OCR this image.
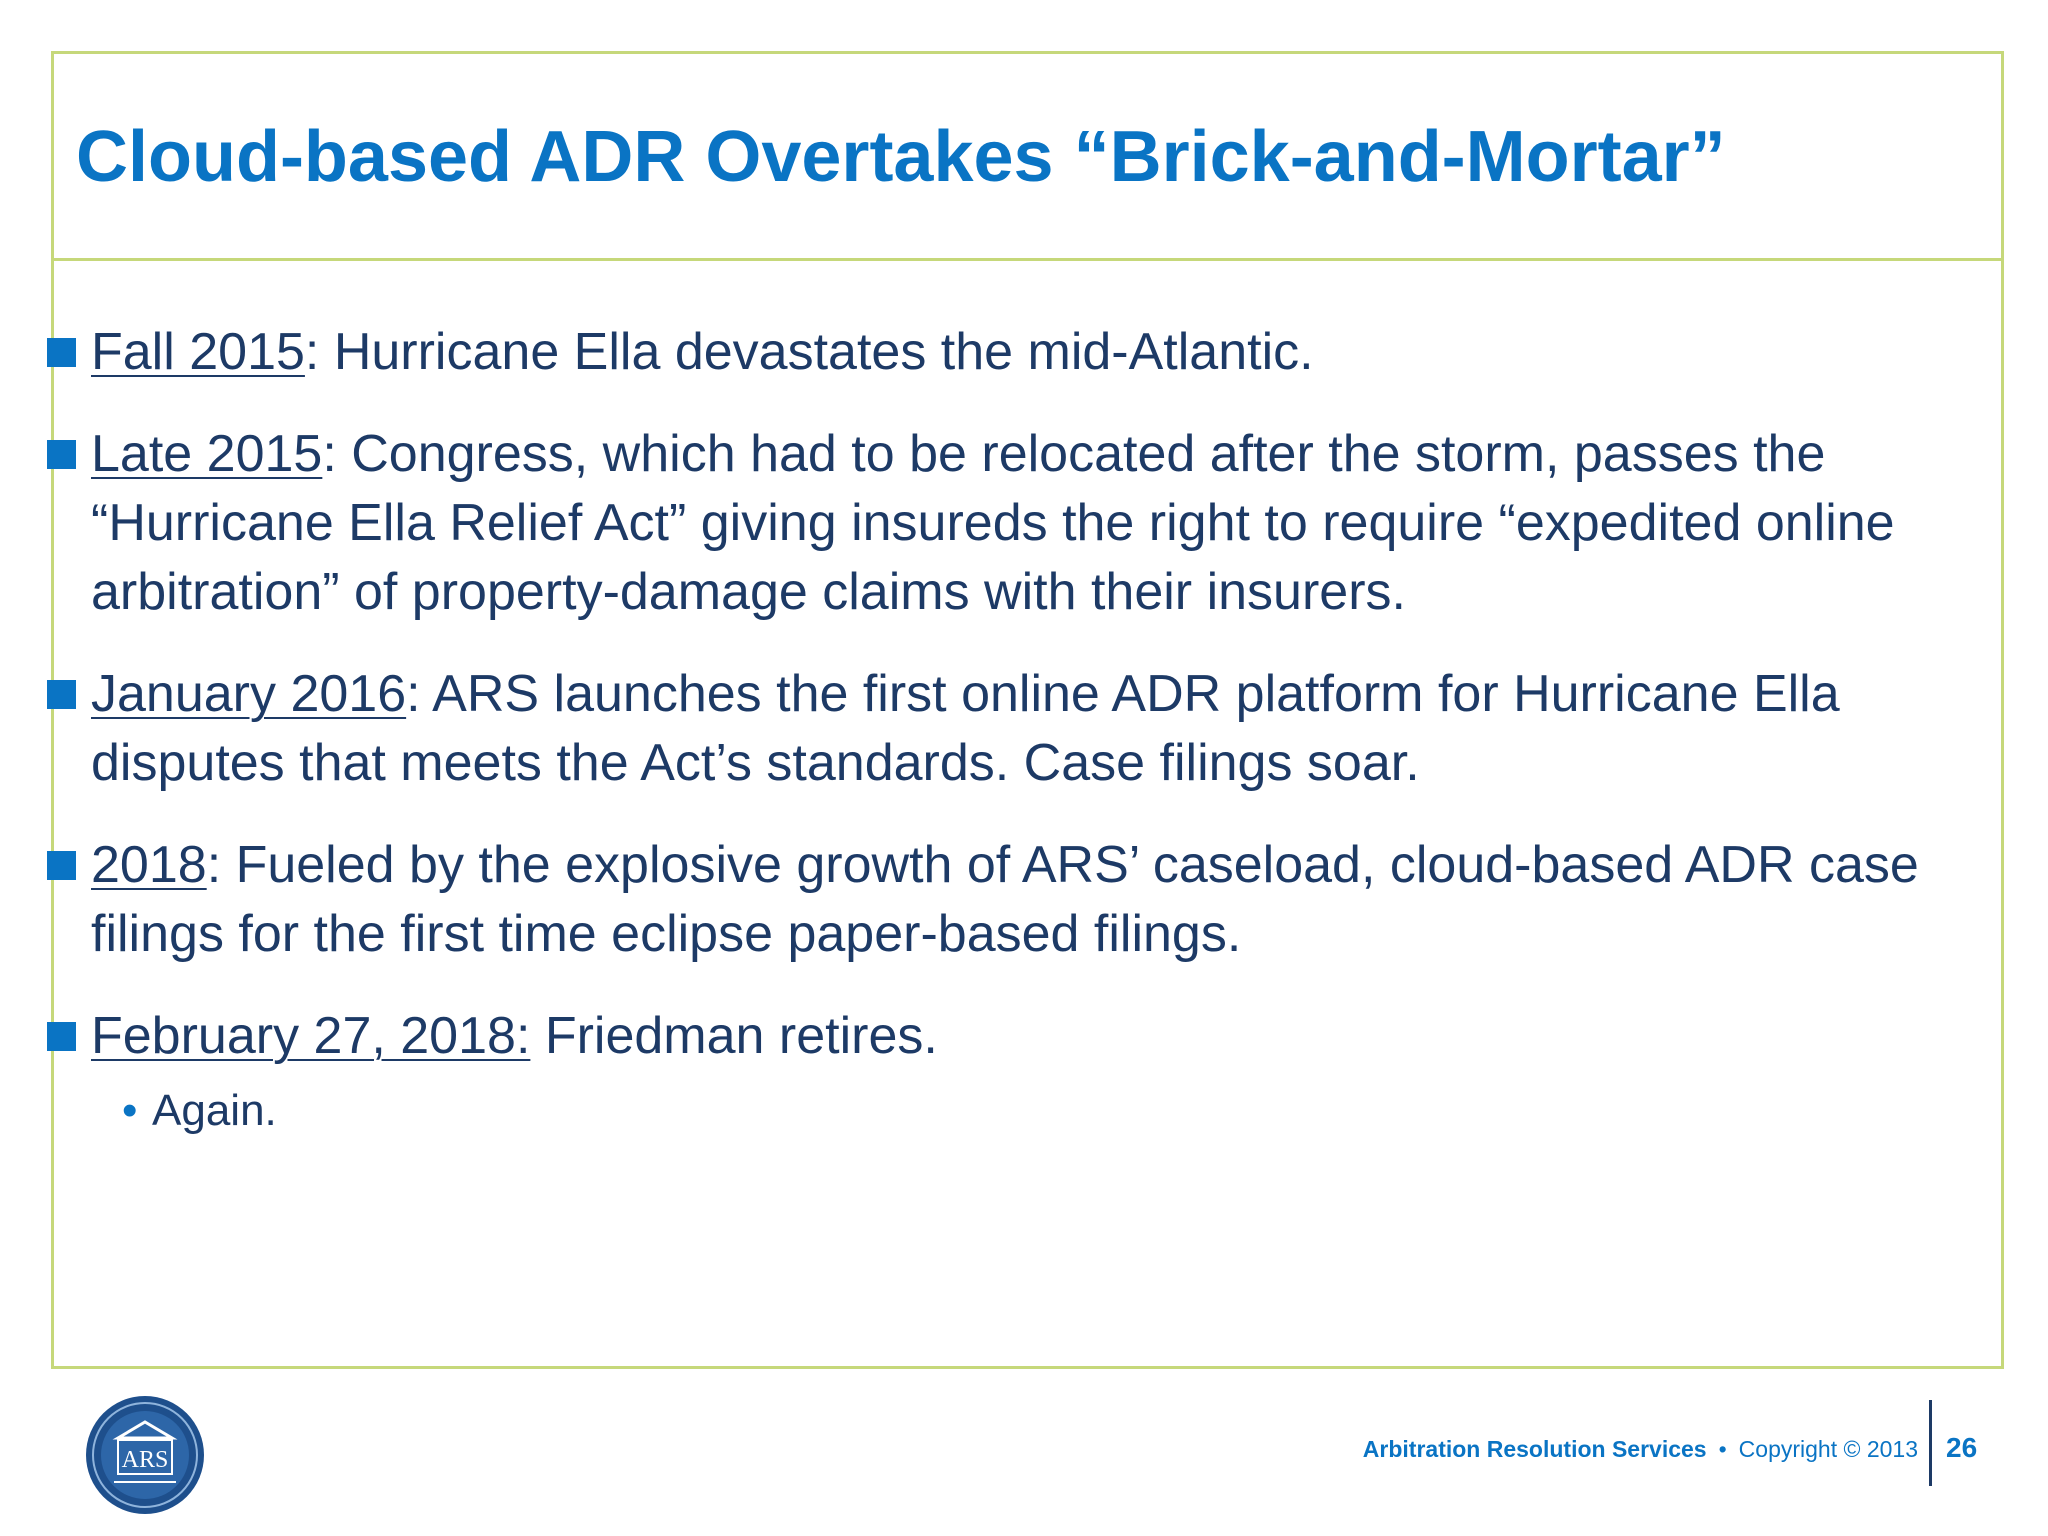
Cloud-based ADR Overtakes “Brick-and-Mortar”

Fall 2015: Hurricane Ella devastates the mid-Atlantic.

Late 2015: Congress, which had to be relocated after the storm, passes the “Hurricane Ella Relief Act” giving insureds the right to require “expedited online arbitration” of property-damage claims with their insurers.

January 2016: ARS launches the first online ADR platform for Hurricane Ella disputes that meets the Act’s standards. Case filings soar.

2018: Fueled by the explosive growth of ARS’ caseload, cloud-based ADR case filings for the first time eclipse paper-based filings.

February 27, 2018: Friedman retires.

• Again.
ARS	Arbitration Resolution Services • Copyright © 2013 26
